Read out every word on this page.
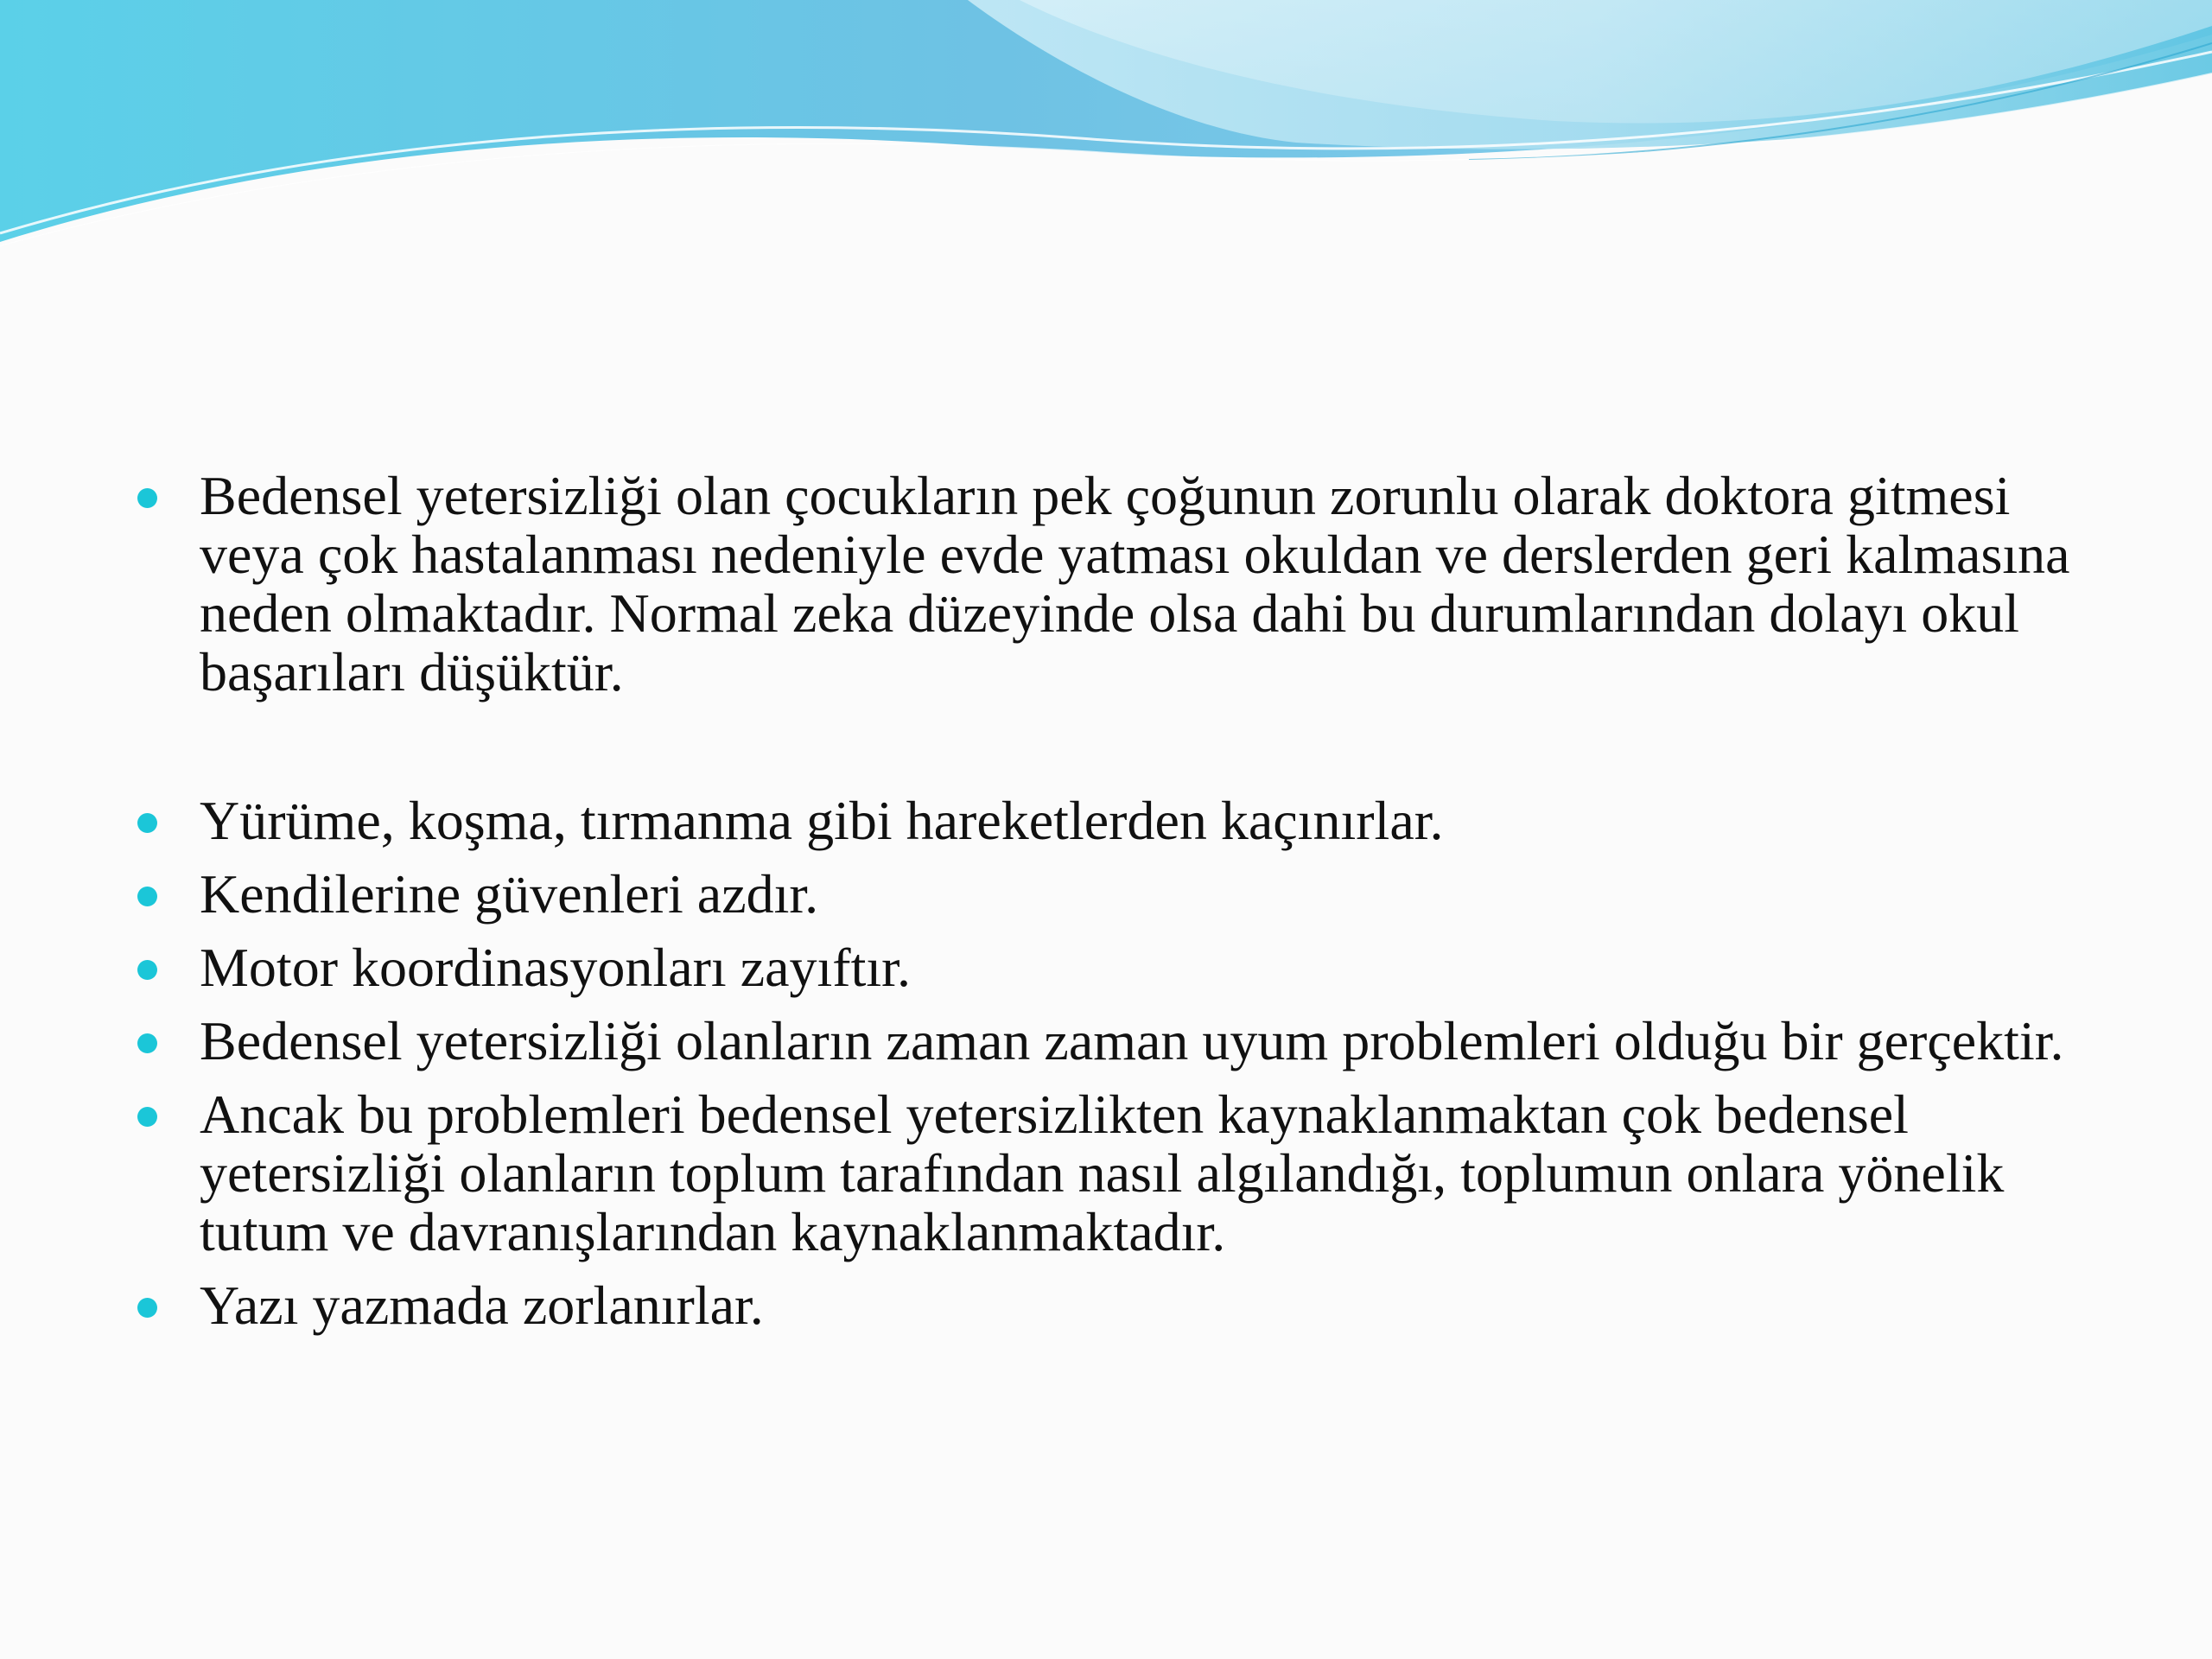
Bedensel yetersizliği olan çocukların pek çoğunun zorunlu olarak doktora gitmesi veya çok hastalanması nedeniyle evde yatması okuldan ve derslerden geri kalmasına neden olmaktadır. Normal zeka düzeyinde olsa dahi bu durumlarından dolayı okul başarıları düşüktür.
Yürüme, koşma, tırmanma gibi hareketlerden kaçınırlar.
Kendilerine güvenleri azdır.
Motor koordinasyonları zayıftır.
Bedensel yetersizliği olanların zaman zaman uyum problemleri olduğu bir gerçektir.
Ancak bu problemleri bedensel yetersizlikten kaynaklanmaktan çok bedensel yetersizliği olanların toplum tarafından nasıl algılandığı, toplumun onlara yönelik tutum ve davranışlarından kaynaklanmaktadır.
Yazı yazmada zorlanırlar.
